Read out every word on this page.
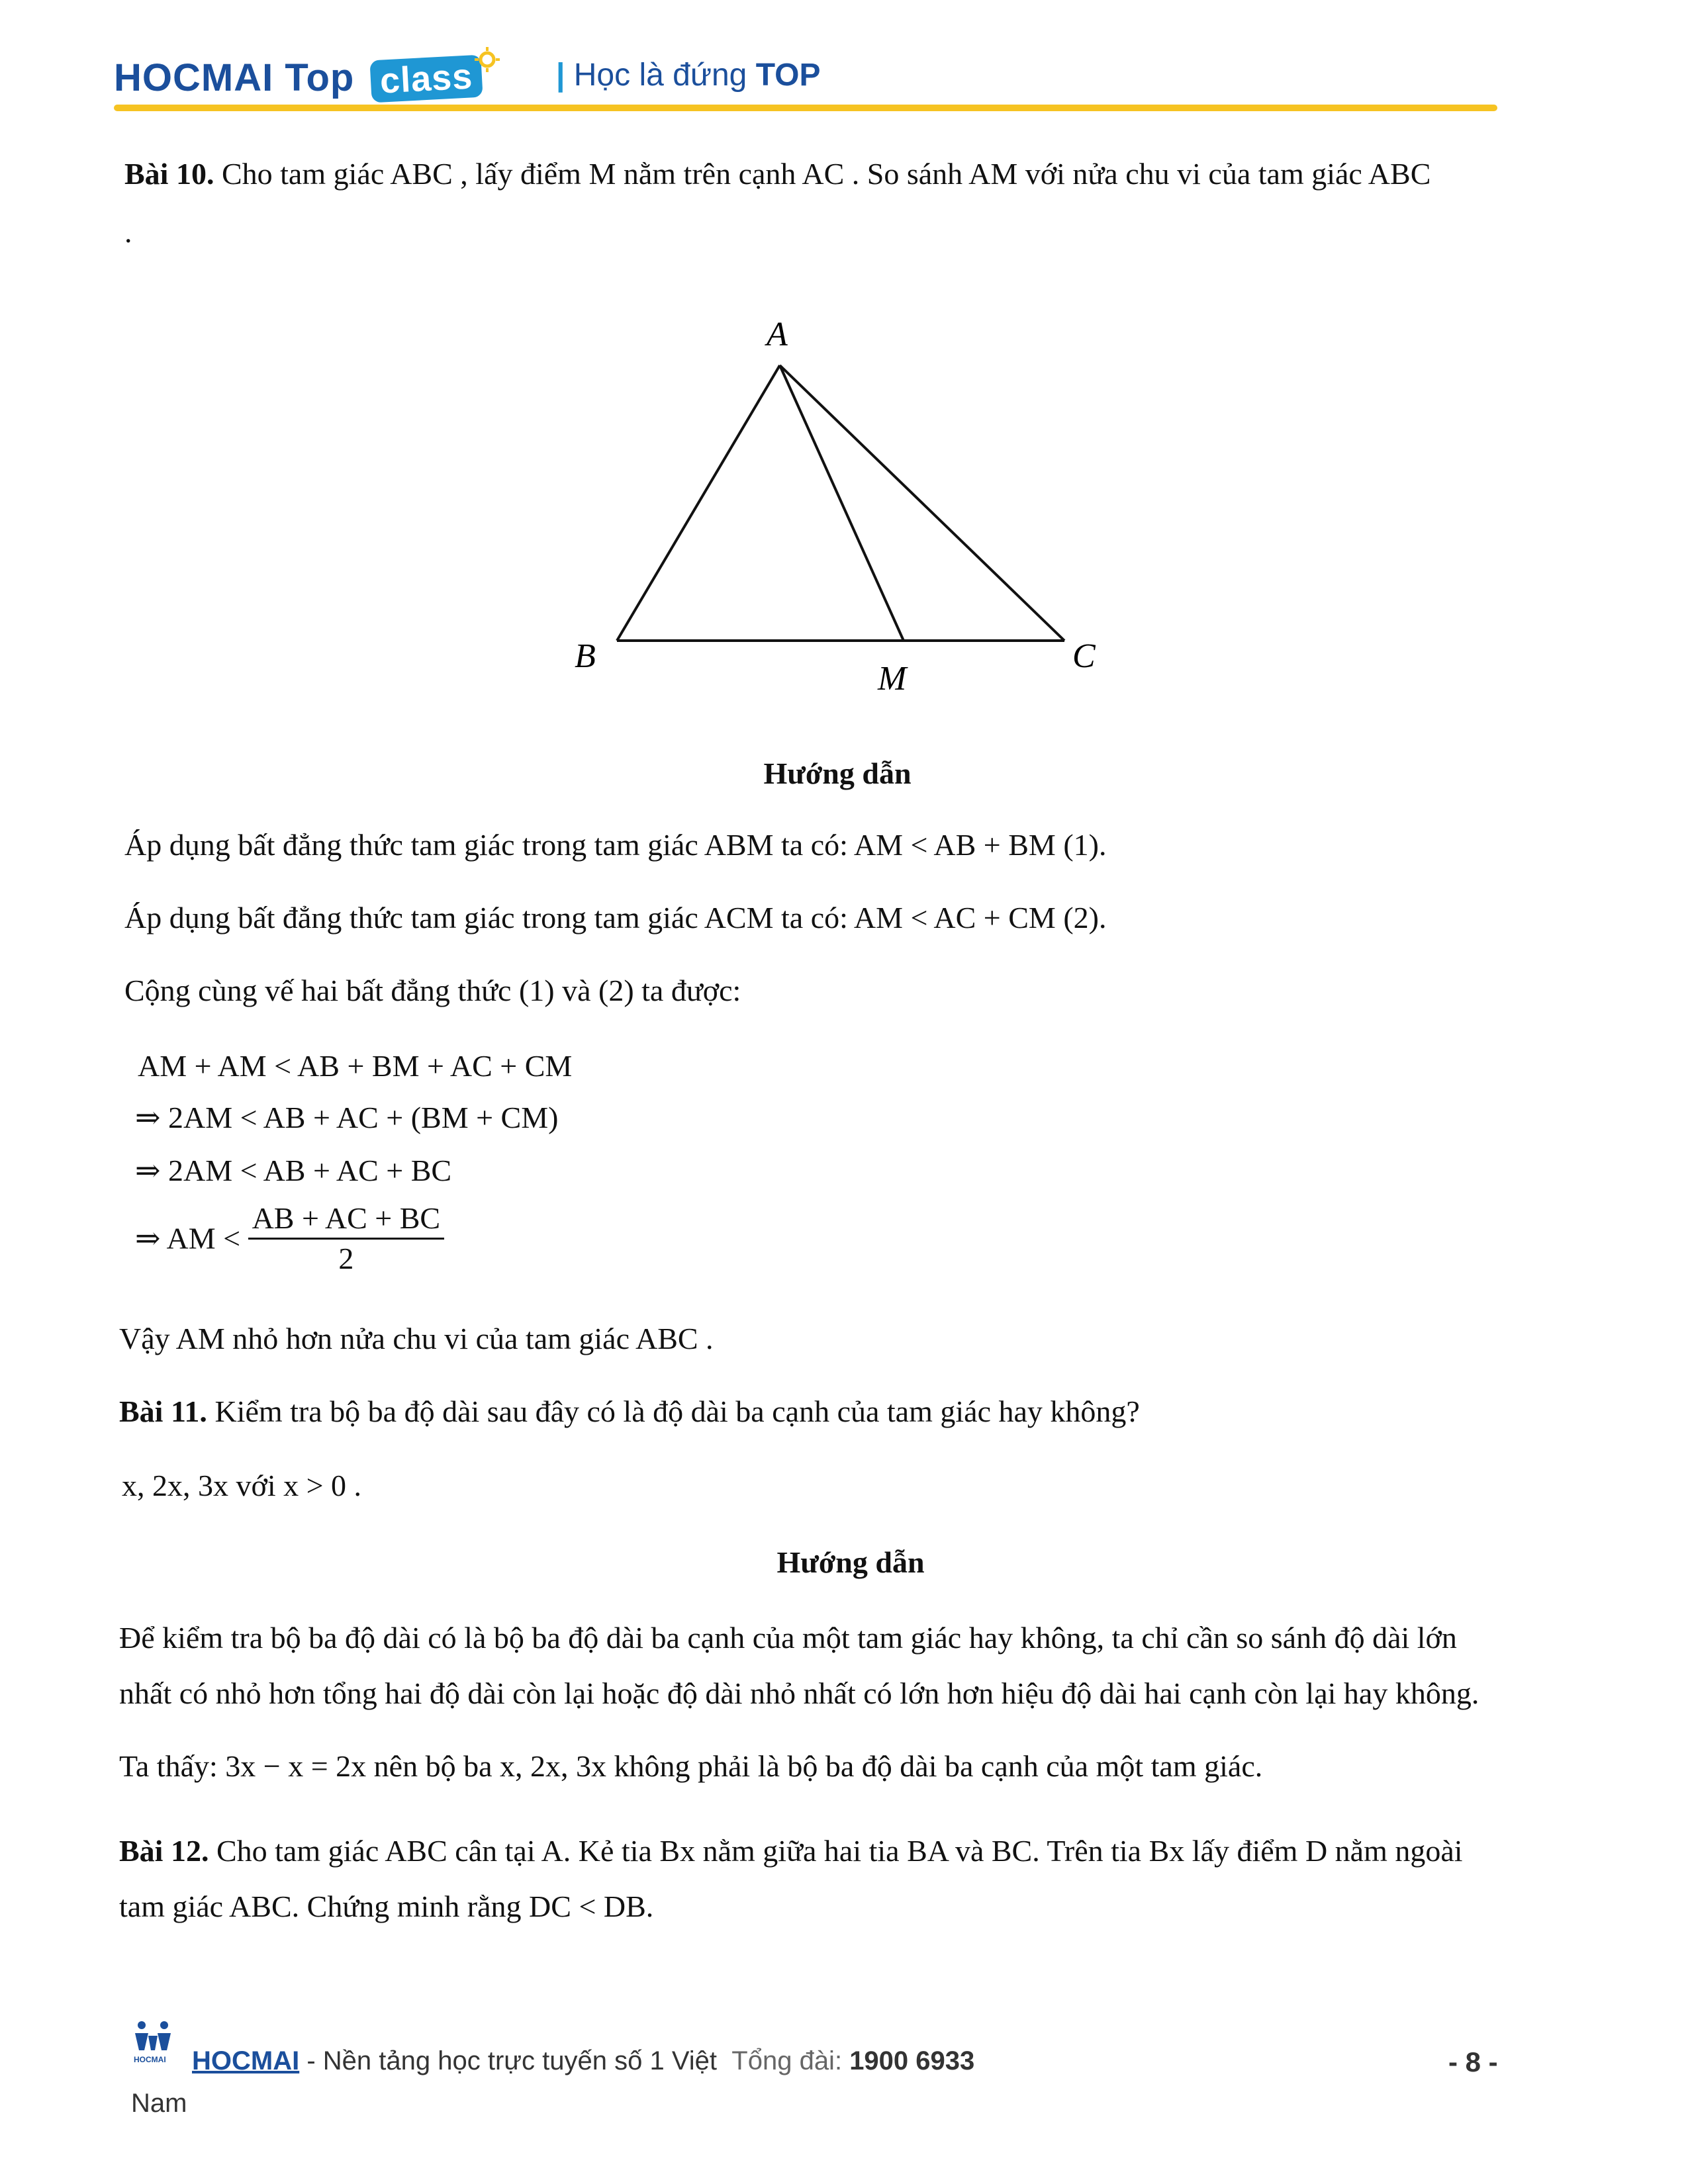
HOCMAI Top class	| Học là đứng TOP
Bài 10. Cho tam giác ABC , lấy điểm M nằm trên cạnh AC . So sánh AM với nửa chu vi của tam giác ABC
.
A
B	C
M
Hướng dẫn
Áp dụng bất đẳng thức tam giác trong tam giác ABM ta có: AM < AB + BM (1).
Áp dụng bất đẳng thức tam giác trong tam giác ACM ta có: AM < AC + CM (2).
Cộng cùng vế hai bất đẳng thức (1) và (2) ta được:
AM + AM < AB + BM + AC + CM
⇒ 2AM < AB + AC + (BM + CM)
⇒ 2AM < AB + AC + BC
⇒ AM < $\frac{AB + AC + BC}{2}$
Vậy AM nhỏ hơn nửa chu vi của tam giác ABC .
Bài 11. Kiểm tra bộ ba độ dài sau đây có là độ dài ba cạnh của tam giác hay không?
x, 2x, 3x với x > 0 .
Hướng dẫn
Để kiểm tra bộ ba độ dài có là bộ ba độ dài ba cạnh của một tam giác hay không, ta chỉ cần so sánh độ dài lớn
nhất có nhỏ hơn tổng hai độ dài còn lại hoặc độ dài nhỏ nhất có lớn hơn hiệu độ dài hai cạnh còn lại hay không.
Ta thấy: 3x − x = 2x nên bộ ba x, 2x, 3x không phải là bộ ba độ dài ba cạnh của một tam giác.
Bài 12. Cho tam giác ABC cân tại A. Kẻ tia Bx nằm giữa hai tia BA và BC. Trên tia Bx lấy điểm D nằm ngoài
tam giác ABC. Chứng minh rằng DC < DB.
HOCMAI HOCMAI - Nền tảng học trực tuyến số 1 Việt Tổng đài: 1900 6933
Nam
- 8 -
